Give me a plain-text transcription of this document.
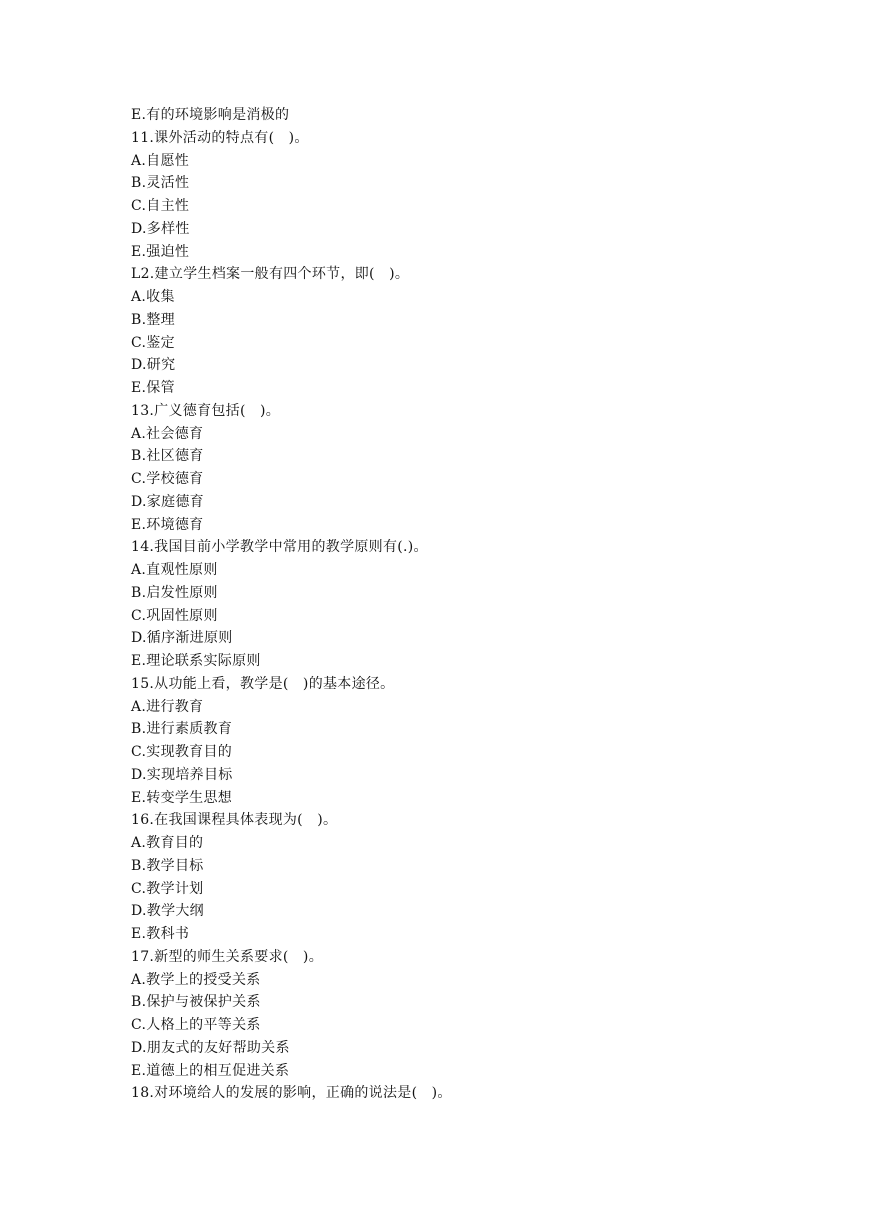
E.有的环境影响是消极的
11.课外活动的特点有(　)。
A.自愿性
B.灵活性
C.自主性
D.多样性
E.强迫性
L2.建立学生档案一般有四个环节，即(　)。
A.收集
B.整理
C.鉴定
D.研究
E.保管
13.广义德育包括(　)。
A.社会德育
B.社区德育
C.学校德育
D.家庭德育
E.环境德育
14.我国目前小学教学中常用的教学原则有(.)。
A.直观性原则
B.启发性原则
C.巩固性原则
D.循序渐进原则
E.理论联系实际原则
15.从功能上看，教学是(　)的基本途径。
A.进行教育
B.进行素质教育
C.实现教育目的
D.实现培养目标
E.转变学生思想
16.在我国课程具体表现为(　)。
A.教育目的
B.教学目标
C.教学计划
D.教学大纲
E.教科书
17.新型的师生关系要求(　)。
A.教学上的授受关系
B.保护与被保护关系
C.人格上的平等关系
D.朋友式的友好帮助关系
E.道德上的相互促进关系
18.对环境给人的发展的影响，正确的说法是(　)。
